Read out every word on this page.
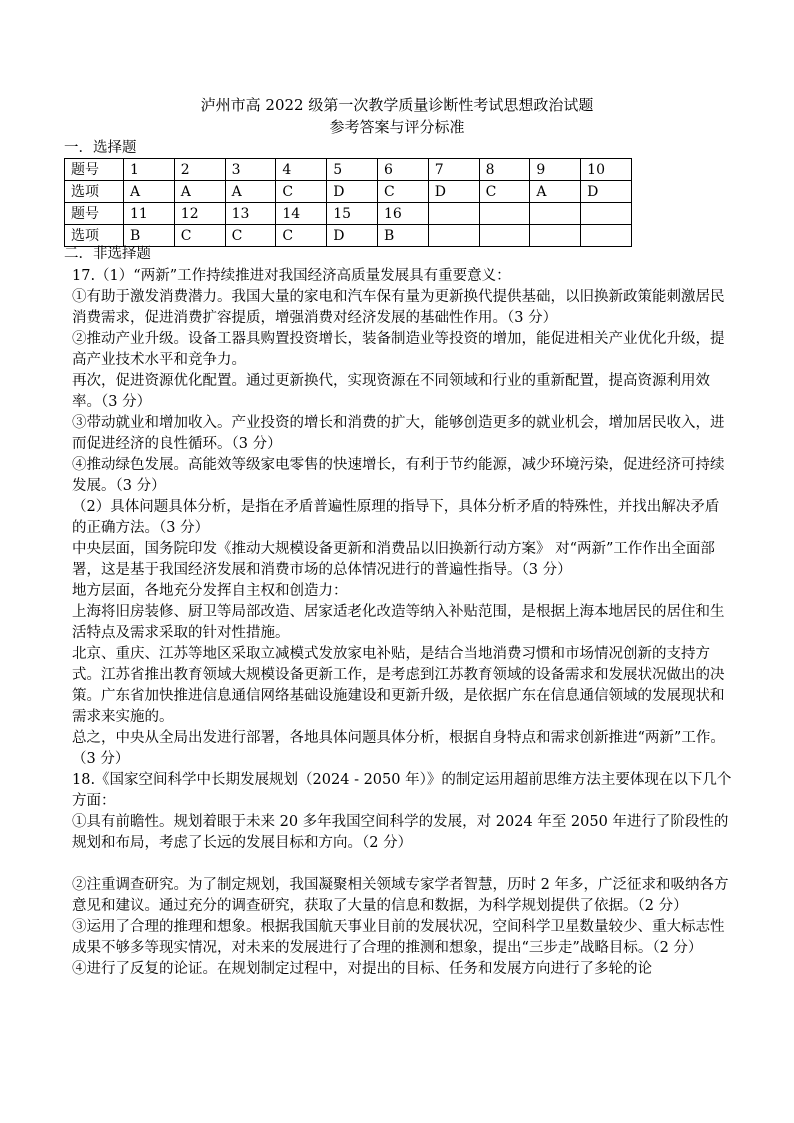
泸州市高 2022 级第一次教学质量诊断性考试思想政治试题
参考答案与评分标准
一．选择题
题号	1	2	3	4	5	6	7	8	9	10
选项	A	A	A	C	D	C	D	C	A	D
题号	11	12	13	14	15	16				
选项	B	C	C	C	D	B				
二．非选择题

17.（1）“两新”工作持续推进对我国经济高质量发展具有重要意义：

①有助于激发消费潜力。我国大量的家电和汽车保有量为更新换代提供基础，以旧换新政策能刺激居民消费需求，促进消费扩容提质，增强消费对经济发展的基础性作用。（3 分）

②推动产业升级。设备工器具购置投资增长，装备制造业等投资的增加，能促进相关产业优化升级，提高产业技术水平和竞争力。

再次，促进资源优化配置。通过更新换代，实现资源在不同领域和行业的重新配置，提高资源利用效率。（3 分）

③带动就业和增加收入。产业投资的增长和消费的扩大，能够创造更多的就业机会，增加居民收入，进而促进经济的良性循环。（3 分）

④推动绿色发展。高能效等级家电零售的快速增长，有利于节约能源，减少环境污染，促进经济可持续发展。（3 分）

（2）具体问题具体分析，是指在矛盾普遍性原理的指导下，具体分析矛盾的特殊性，并找出解决矛盾的正确方法。（3 分）

中央层面，国务院印发《推动大规模设备更新和消费品以旧换新行动方案》 对“两新”工作作出全面部署，这是基于我国经济发展和消费市场的总体情况进行的普遍性指导。（3 分）

地方层面，各地充分发挥自主权和创造力：

上海将旧房装修、厨卫等局部改造、居家适老化改造等纳入补贴范围，是根据上海本地居民的居住和生活特点及需求采取的针对性措施。

北京、重庆、江苏等地区采取立减模式发放家电补贴，是结合当地消费习惯和市场情况创新的支持方式。江苏省推出教育领域大规模设备更新工作，是考虑到江苏教育领域的设备需求和发展状况做出的决策。广东省加快推进信息通信网络基础设施建设和更新升级，是依据广东在信息通信领域的发展现状和需求来实施的。

总之，中央从全局出发进行部署，各地具体问题具体分析，根据自身特点和需求创新推进“两新”工作。（3 分）

18.《国家空间科学中长期发展规划（2024 - 2050 年）》的制定运用超前思维方法主要体现在以下几个方面：

①具有前瞻性。规划着眼于未来 20 多年我国空间科学的发展，对 2024 年至 2050 年进行了阶段性的规划和布局，考虑了长远的发展目标和方向。（2 分）

②注重调查研究。为了制定规划，我国凝聚相关领域专家学者智慧，历时 2 年多，广泛征求和吸纳各方意见和建议。通过充分的调查研究，获取了大量的信息和数据，为科学规划提供了依据。（2 分）

③运用了合理的推理和想象。根据我国航天事业目前的发展状况，空间科学卫星数量较少、重大标志性成果不够多等现实情况，对未来的发展进行了合理的推测和想象，提出“三步走”战略目标。（2 分）

④进行了反复的论证。在规划制定过程中，对提出的目标、任务和发展方向进行了多轮的论
